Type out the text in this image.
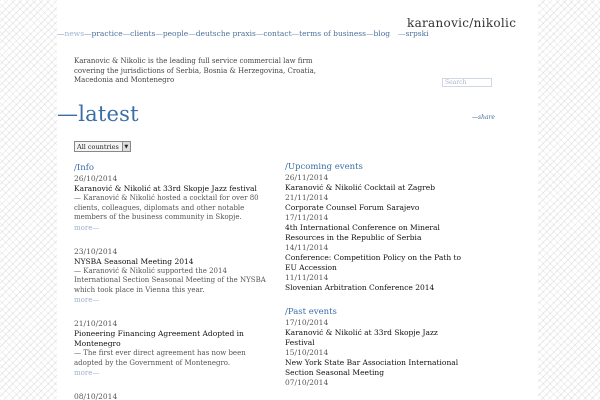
karanovic/nikolic
—news—practice—clients—people—deutsche praxis—contact—terms of business—blog —srpski
Karanovic & Nikolic is the leading full service commercial law firm covering the jurisdictions of Serbia, Bosnia & Herzegovina, Croatia, Macedonia and Montenegro	Search
—latest	—share
All countries	▼
/Info
26/10/2014
Karanović & Nikolić at 33rd Skopje Jazz festival
— Karanović & Nikolić hosted a cocktail for over 80 clients, colleagues, diplomats and other notable members of the business community in Skopje.
more—
23/10/2014
NYSBA Seasonal Meeting 2014
— Karanović & Nikolić supported the 2014 International Section Seasonal Meeting of the NYSBA which took place in Vienna this year.
more—
21/10/2014
Pioneering Financing Agreement Adopted in Montenegro
— The first ever direct agreement has now been adopted by the Government of Montenegro.
more—
08/10/2014
/Upcoming events
26/11/2014
Karanović & Nikolić Cocktail at Zagreb
21/11/2014
Corporate Counsel Forum Sarajevo
17/11/2014
4th International Conference on Mineral Resources in the Republic of Serbia
14/11/2014
Conference: Competition Policy on the Path to EU Accession
11/11/2014
Slovenian Arbitration Conference 2014
/Past events
17/10/2014
Karanović & Nikolić at 33rd Skopje Jazz Festival
15/10/2014
New York State Bar Association International Section Seasonal Meeting
07/10/2014
